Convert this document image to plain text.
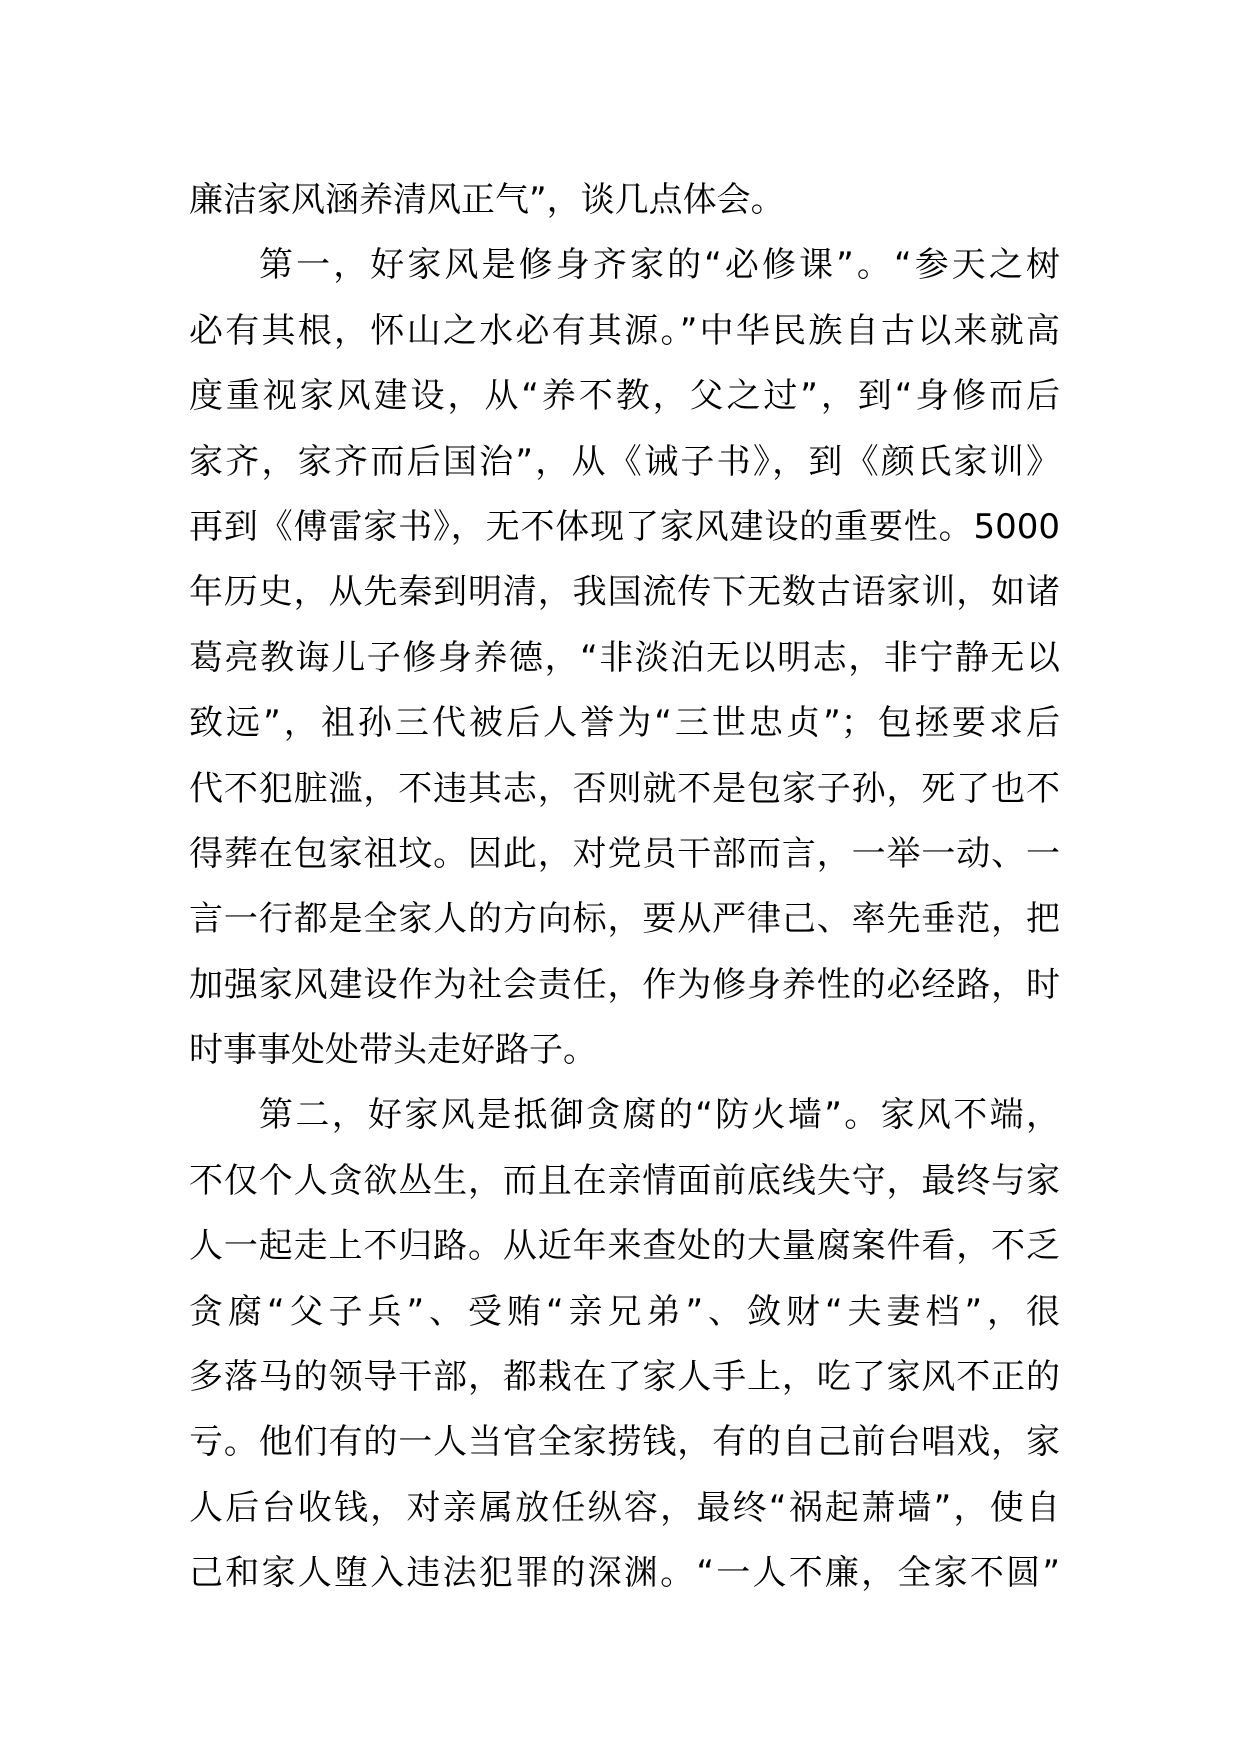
廉洁家风涵养清风正气”，谈几点体会。
第一，好家风是修身齐家的“必修课”。“参天之树
必有其根，怀山之水必有其源。”中华民族自古以来就高
度重视家风建设，从“养不教，父之过”，到“身修而后
家齐，家齐而后国治”，从《诫子书》，到《颜氏家训》
再到《傅雷家书》，无不体现了家风建设的重要性。5000
年历史，从先秦到明清，我国流传下无数古语家训，如诸
葛亮教诲儿子修身养德，“非淡泊无以明志，非宁静无以
致远”，祖孙三代被后人誉为“三世忠贞”；包拯要求后
代不犯脏滥，不违其志，否则就不是包家子孙，死了也不
得葬在包家祖坟。因此，对党员干部而言，一举一动、一
言一行都是全家人的方向标，要从严律己、率先垂范，把
加强家风建设作为社会责任，作为修身养性的必经路，时
时事事处处带头走好路子。
第二，好家风是抵御贪腐的“防火墙”。家风不端，
不仅个人贪欲丛生，而且在亲情面前底线失守，最终与家
人一起走上不归路。从近年来查处的大量腐案件看，不乏
贪腐“父子兵”、受贿“亲兄弟”、敛财“夫妻档”，很
多落马的领导干部，都栽在了家人手上，吃了家风不正的
亏。他们有的一人当官全家捞钱，有的自己前台唱戏，家
人后台收钱，对亲属放任纵容，最终“祸起萧墙”，使自
己和家人堕入违法犯罪的深渊。“一人不廉，全家不圆”
